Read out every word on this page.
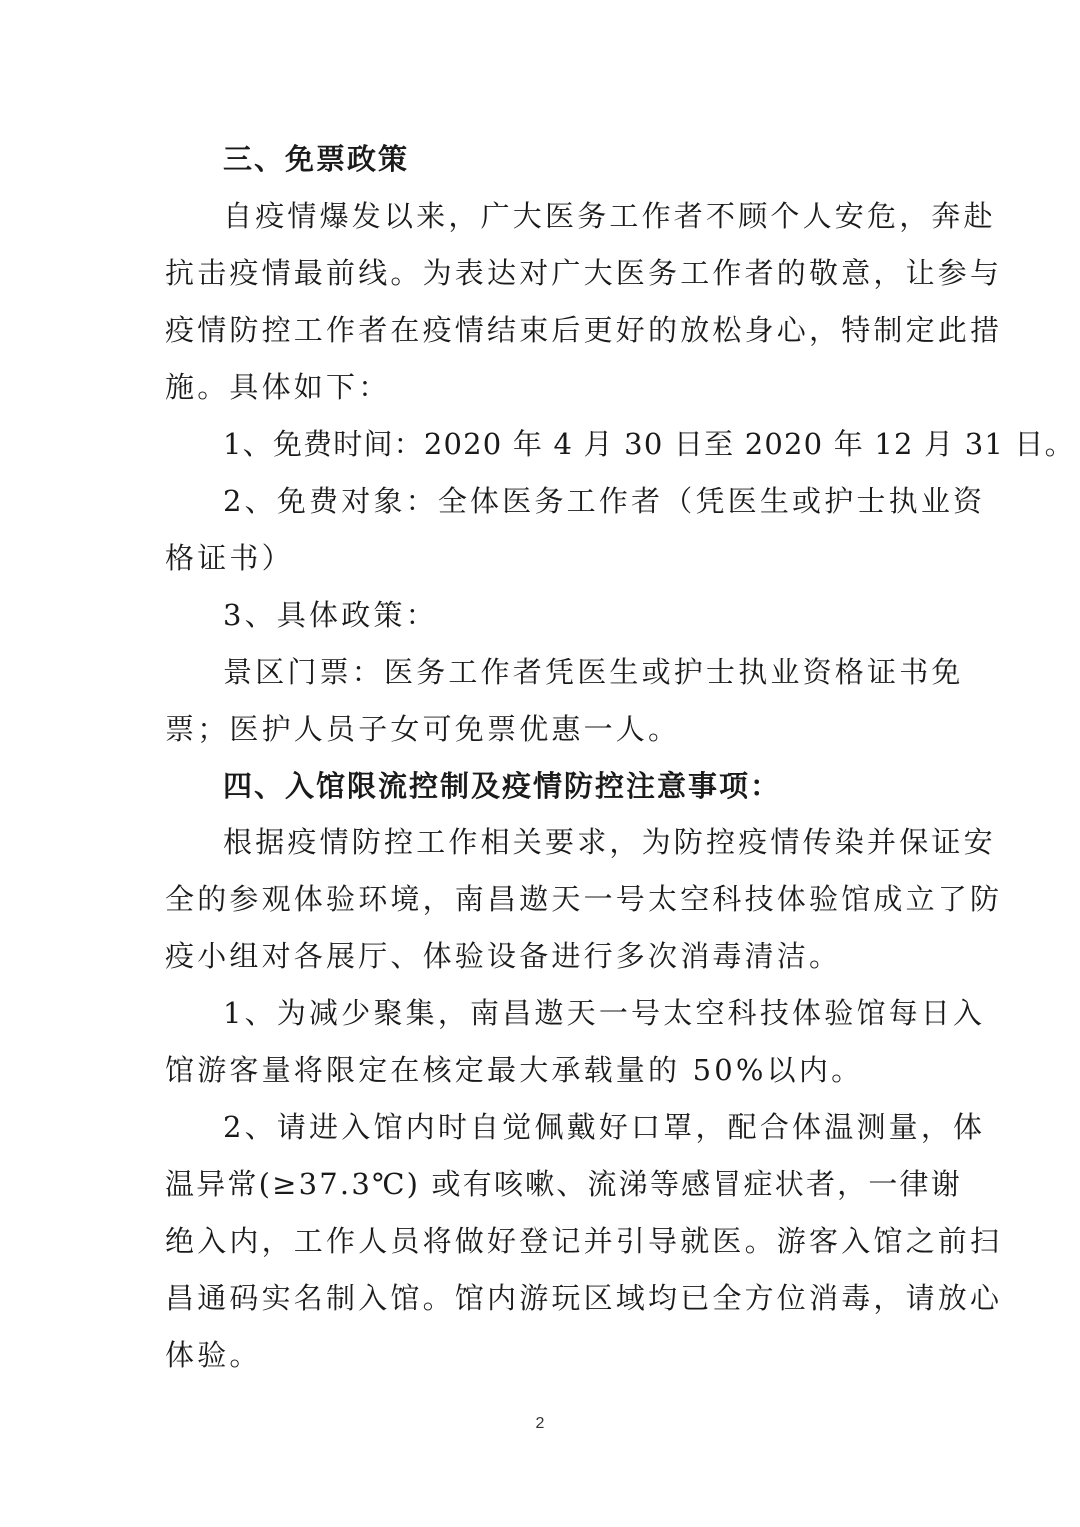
三、免票政策
自疫情爆发以来，广大医务工作者不顾个人安危，奔赴
抗击疫情最前线。为表达对广大医务工作者的敬意，让参与
疫情防控工作者在疫情结束后更好的放松身心，特制定此措
施。具体如下：
1、免费时间：2020 年 4 月 30 日至 2020 年 12 月 31 日。
2、免费对象：全体医务工作者（凭医生或护士执业资
格证书）
3、具体政策：
景区门票：医务工作者凭医生或护士执业资格证书免
票；医护人员子女可免票优惠一人。
四、入馆限流控制及疫情防控注意事项：
根据疫情防控工作相关要求，为防控疫情传染并保证安
全的参观体验环境，南昌遨天一号太空科技体验馆成立了防
疫小组对各展厅、体验设备进行多次消毒清洁。
1、为减少聚集，南昌遨天一号太空科技体验馆每日入
馆游客量将限定在核定最大承载量的 50%以内。
2、请进入馆内时自觉佩戴好口罩，配合体温测量，体
温异常(≥37.3℃) 或有咳嗽、流涕等感冒症状者，一律谢
绝入内，工作人员将做好登记并引导就医。游客入馆之前扫
昌通码实名制入馆。馆内游玩区域均已全方位消毒，请放心
体验。
2
